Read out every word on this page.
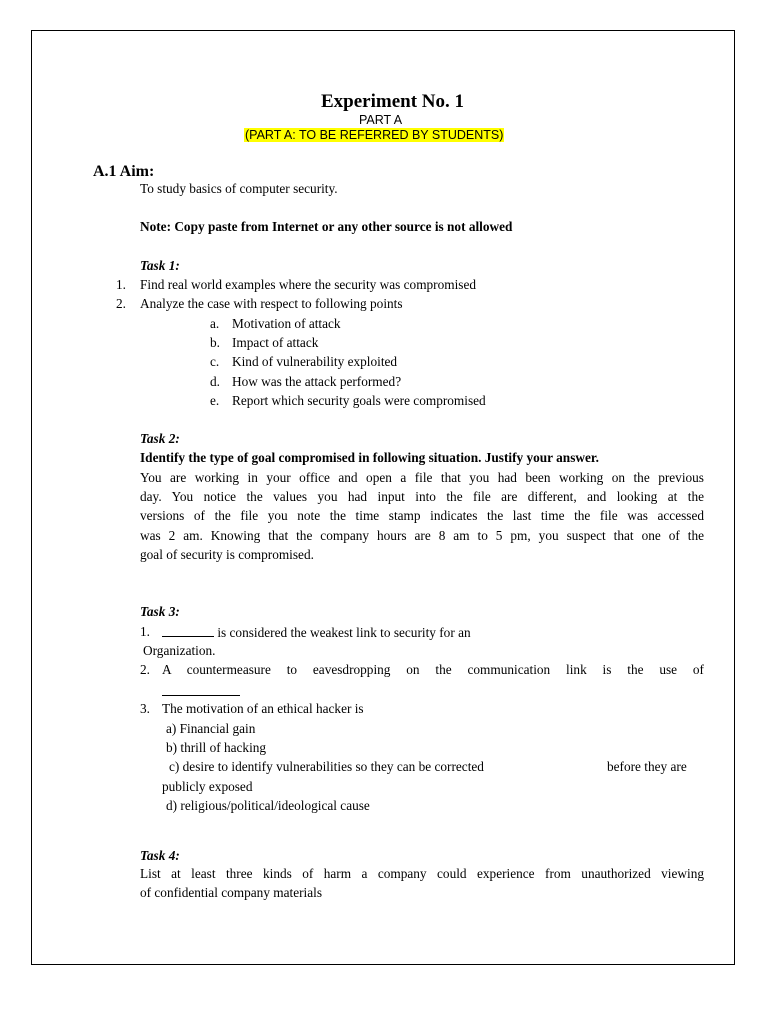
Experiment No. 1
PART A
(PART A: TO BE REFERRED BY STUDENTS)
A.1 Aim:
To study basics of computer security.
Note: Copy paste from Internet or any other source is not allowed
Task 1:
1. Find real world examples where the security was compromised
2. Analyze the case with respect to following points
a. Motivation of attack
b. Impact of attack
c. Kind of vulnerability exploited
d. How was the attack performed?
e. Report which security goals were compromised
Task 2:
Identify the type of goal compromised in following situation. Justify your answer.
You are working in your office and open a file that you had been working on the previous
day. You notice the values you had input into the file are different, and looking at the
versions of the file you note the time stamp indicates the last time the file was accessed
was 2 am. Knowing that the company hours are 8 am to 5 pm, you suspect that one of the
goal of security is compromised.
Task 3:
1.	is considered the weakest link to security for an
Organization.
2. A countermeasure to eavesdropping on the communication link is the use of
3. The motivation of an ethical hacker is
a) Financial gain
b) thrill of hacking
c) desire to identify vulnerabilities so they can be corrected	before they are
publicly exposed
d) religious/political/ideological cause
Task 4:
List at least three kinds of harm a company could experience from unauthorized viewing
of confidential company materials
